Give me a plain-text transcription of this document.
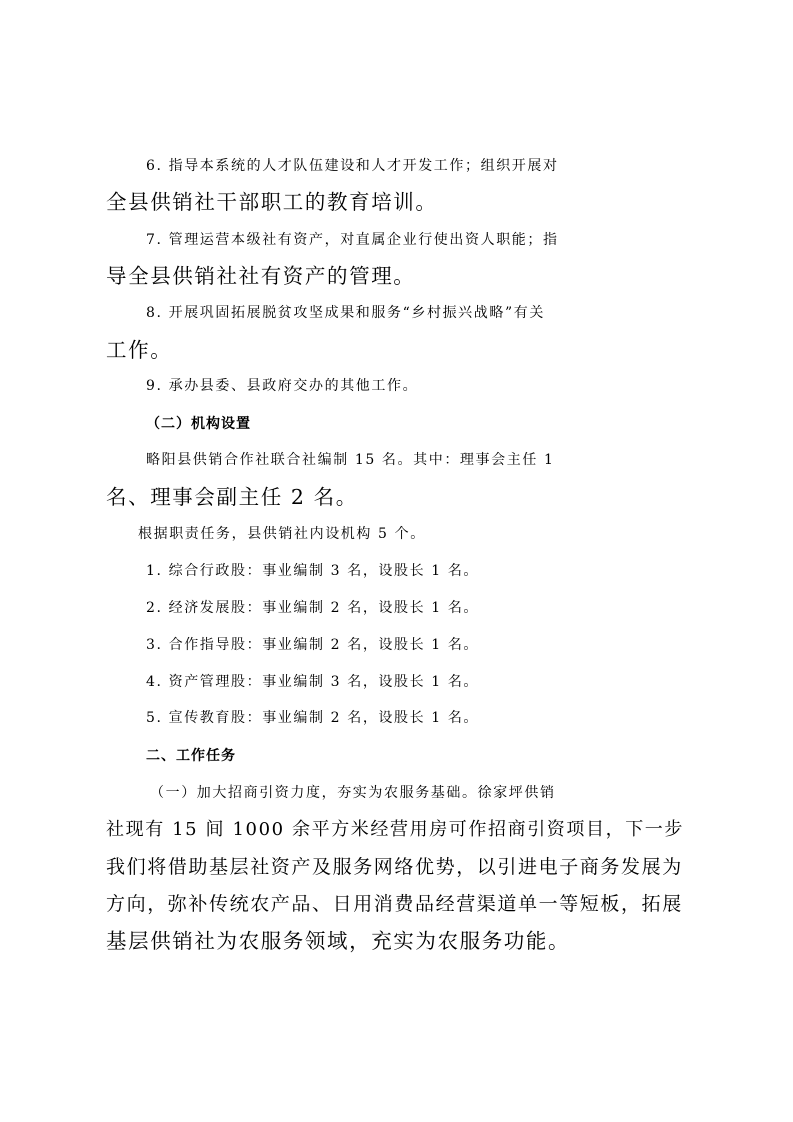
6. 指导本系统的人才队伍建设和人才开发工作；组织开展对
全县供销社干部职工的教育培训。
7. 管理运营本级社有资产，对直属企业行使出资人职能；指
导全县供销社社有资产的管理。
8. 开展巩固拓展脱贫攻坚成果和服务“乡村振兴战略”有关
工作。
9. 承办县委、县政府交办的其他工作。
（二）机构设置
略阳县供销合作社联合社编制 15 名。其中：理事会主任 1
名、理事会副主任 2 名。
根据职责任务，县供销社内设机构 5 个。
1. 综合行政股：事业编制 3 名，设股长 1 名。
2. 经济发展股：事业编制 2 名，设股长 1 名。
3. 合作指导股：事业编制 2 名，设股长 1 名。
4. 资产管理股：事业编制 3 名，设股长 1 名。
5. 宣传教育股：事业编制 2 名，设股长 1 名。
二、工作任务
（一）加大招商引资力度，夯实为农服务基础。徐家坪供销
社现有 15 间 1000 余平方米经营用房可作招商引资项目，下一步
我们将借助基层社资产及服务网络优势，以引进电子商务发展为
方向，弥补传统农产品、日用消费品经营渠道单一等短板，拓展
基层供销社为农服务领域，充实为农服务功能。
